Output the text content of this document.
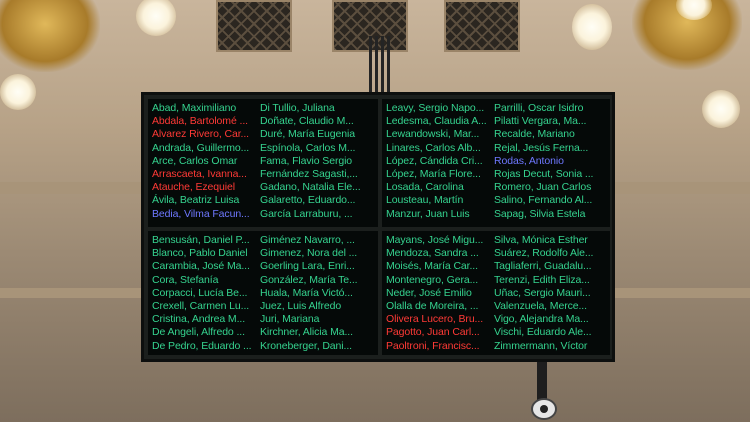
Abad, Maximiliano
Abdala, Bartolomé ...
Alvarez Rivero, Car...
Andrada, Guillermo...
Arce, Carlos Omar
Arrascaeta, Ivanna...
Atauche, Ezequiel
Ávila, Beatriz Luisa
Bedia, Vilma Facun...
Di Tullio, Juliana
Doñate, Claudio M...
Duré, María Eugenia
Espínola, Carlos M...
Fama, Flavio Sergio
Fernández Sagasti,...
Gadano, Natalia Ele...
Galaretto, Eduardo...
García Larraburu, ...
Leavy, Sergio Napo...
Ledesma, Claudia A...
Lewandowski, Mar...
Linares, Carlos Alb...
López, Cándida Cri...
López, María Flore...
Losada, Carolina
Lousteau, Martín
Manzur, Juan Luis
Parrilli, Oscar Isidro
Pilatti Vergara, Ma...
Recalde, Mariano
Rejal, Jesús Ferna...
Rodas, Antonio
Rojas Decut, Sonia ...
Romero, Juan Carlos
Salino, Fernando Al...
Sapag, Silvia Estela
Bensusán, Daniel P...
Blanco, Pablo Daniel
Carambia, José Ma...
Cora, Stefanía
Corpacci, Lucía Be...
Crexell, Carmen Lu...
Cristina, Andrea M...
De Angeli, Alfredo ...
De Pedro, Eduardo ...
Giménez Navarro, ...
Gimenez, Nora del ...
Goerling Lara, Enri...
González, María Te...
Huala, María Victó...
Juez, Luis Alfredo
Juri, Mariana
Kirchner, Alicia Ma...
Kroneberger, Dani...
Mayans, José Migu...
Mendoza, Sandra ...
Moisés, María Car...
Montenegro, Gera...
Neder, José Emilio
Olalla de Moreira, ...
Olivera Lucero, Bru...
Pagotto, Juan Carl...
Paoltroni, Francisc...
Silva, Mónica Esther
Suárez, Rodolfo Ale...
Tagliaferri, Guadalu...
Terenzi, Edith Eliza...
Uñac, Sergio Mauri...
Valenzuela, Merce...
Vigo, Alejandra Ma...
Vischi, Eduardo Ale...
Zimmermann, Víctor
